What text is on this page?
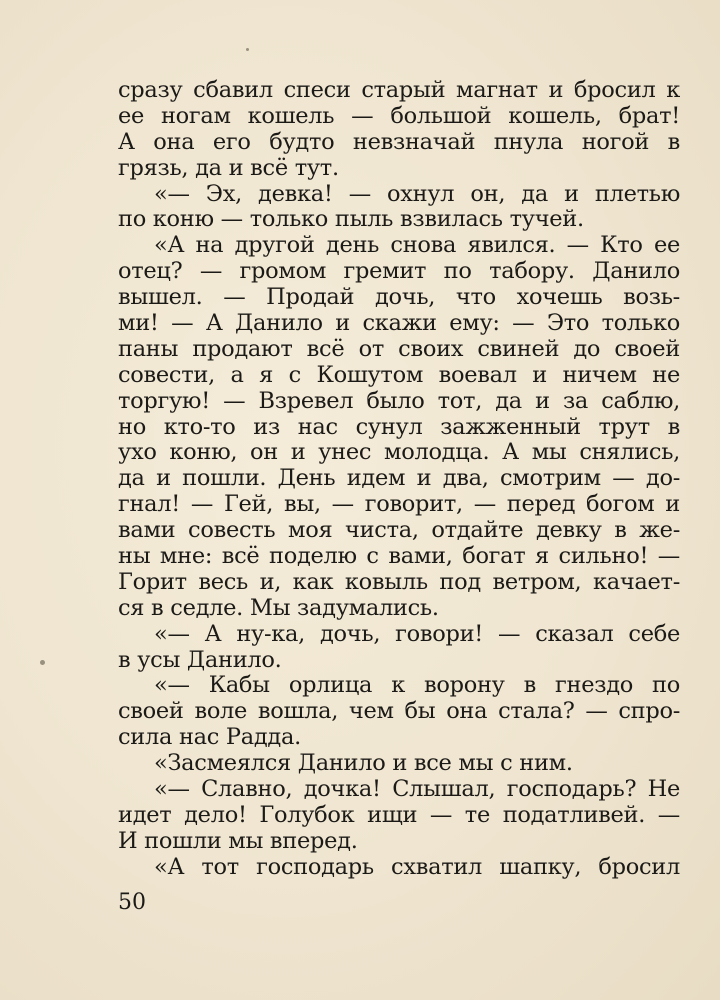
сразу сбавил спеси старый магнат и бросил к
ее ногам кошель — большой кошель, брат!
А она его будто невзначай пнула ногой в
грязь, да и всё тут.
«— Эх, девка! — охнул он, да и плетью
по коню — только пыль взвилась тучей.
«А на другой день снова явился. — Кто ее
отец? — громом гремит по табору. Данило
вышел. — Продай дочь, что хочешь возь-
ми! — А Данило и скажи ему: — Это только
паны продают всё от своих свиней до своей
совести, а я с Кошутом воевал и ничем не
торгую! — Взревел было тот, да и за саблю,
но кто-то из нас сунул зажженный трут в
ухо коню, он и унес молодца. А мы снялись,
да и пошли. День идем и два, смотрим — до-
гнал! — Гей, вы, — говорит, — перед богом и
вами совесть моя чиста, отдайте девку в же-
ны мне: всё поделю с вами, богат я сильно! —
Горит весь и, как ковыль под ветром, качает-
ся в седле. Мы задумались.
«— А ну-ка, дочь, говори! — сказал себе
в усы Данило.
«— Кабы орлица к ворону в гнездо по
своей воле вошла, чем бы она стала? — спро-
сила нас Радда.
«Засмеялся Данило и все мы с ним.
«— Славно, дочка! Слышал, господарь? Не
идет дело! Голубок ищи — те податливей. —
И пошли мы вперед.
«А тот господарь схватил шапку, бросил
50
